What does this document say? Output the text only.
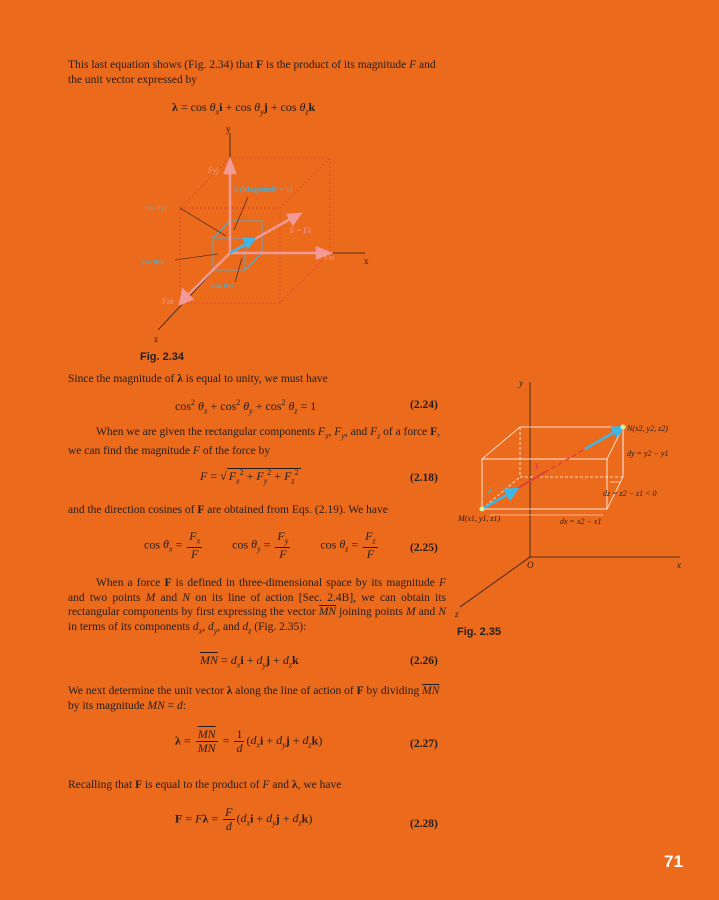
This last equation shows (Fig. 2.34) that F is the product of its magnitude F and the unit vector expressed by
$\lambda = \cos \theta_xi + \cos \theta_yj + \cos \theta_zk$
y
x
z
Fyj
Fxi
Fzk
λ (Magnitude = 1)
F = Fλ
cos θyj
cos θzk
cos θxi
Fig. 2.34
Since the magnitude of λ is equal to unity, we must have
$\cos^2 \theta_x + \cos^2 \theta_y + \cos^2 \theta_z = 1$	(2.24)
When we are given the rectangular components $F_x$, $F_y$, and $F_z$ of a force F, we can find the magnitude F of the force by
F = √ $F_x^2 + F_y^2 + F_z^2$	(2.18)
and the direction cosines of F are obtained from Eqs. (2.19). We have
$\cos \theta_x = \frac{F_x}{F}$ $\cos \theta_y = \frac{F_y}{F}$ $\cos \theta_z = \frac{F_z}{F}$	(2.25)
When a force F is defined in three-dimensional space by its magnitude F and two points M and N on its line of action [Sec. 2.4B], we can obtain its rectangular components by first expressing the vector $\overline{MN}$ joining points M and N in terms of its components $d_x$, $d_y$, and $d_z$ (Fig. 2.35):
$\overline{MN} = d_xi + d_yj + d_zk$	(2.26)
We next determine the unit vector λ along the line of action of F by dividing $\overline{MN}$ by its magnitude MN = d:
$\lambda = \frac{\overline{MN}}{MN} = \frac{1}{d} (d_xi + d_yj + d_zk)$	(2.27)
Recalling that F is equal to the product of F and λ, we have
$F = F\lambda = \frac{F}{d} (d_xi + d_yj + d_zk)$	(2.28)
y
x
z
O
N(x2, y2, z2)
M(x1, y1, z1)
dy = y2 − y1
dz = z2 − z1 < 0
dx = x2 − x1
F
λ
Fig. 2.35
71
